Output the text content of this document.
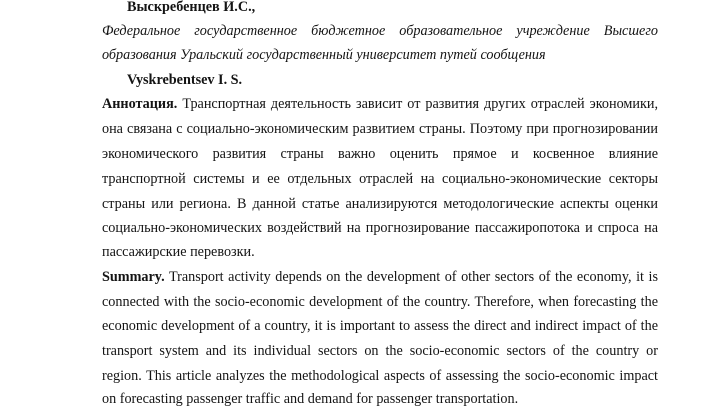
Выскребенцев И.С.,
Федеральное государственное бюджетное образовательное учреждение Высшего
образования Уральский государственный университет путей сообщения
Vyskrebentsev I. S.
Аннотация. Транспортная деятельность зависит от развития других отраслей экономики,
она связана с социально-экономическим развитием страны. Поэтому при прогнозировании
экономического развития страны важно оценить прямое и косвенное влияние
транспортной системы и ее отдельных отраслей на социально-экономические секторы
страны или региона. В данной статье анализируются методологические аспекты оценки
социально-экономических воздействий на прогнозирование пассажиропотока и спроса на
пассажирские перевозки.
Summary. Transport activity depends on the development of other sectors of the economy, it is
connected with the socio-economic development of the country. Therefore, when forecasting the
economic development of a country, it is important to assess the direct and indirect impact of the
transport system and its individual sectors on the socio-economic sectors of the country or
region. This article analyzes the methodological aspects of assessing the socio-economic impact
on forecasting passenger traffic and demand for passenger transportation.
